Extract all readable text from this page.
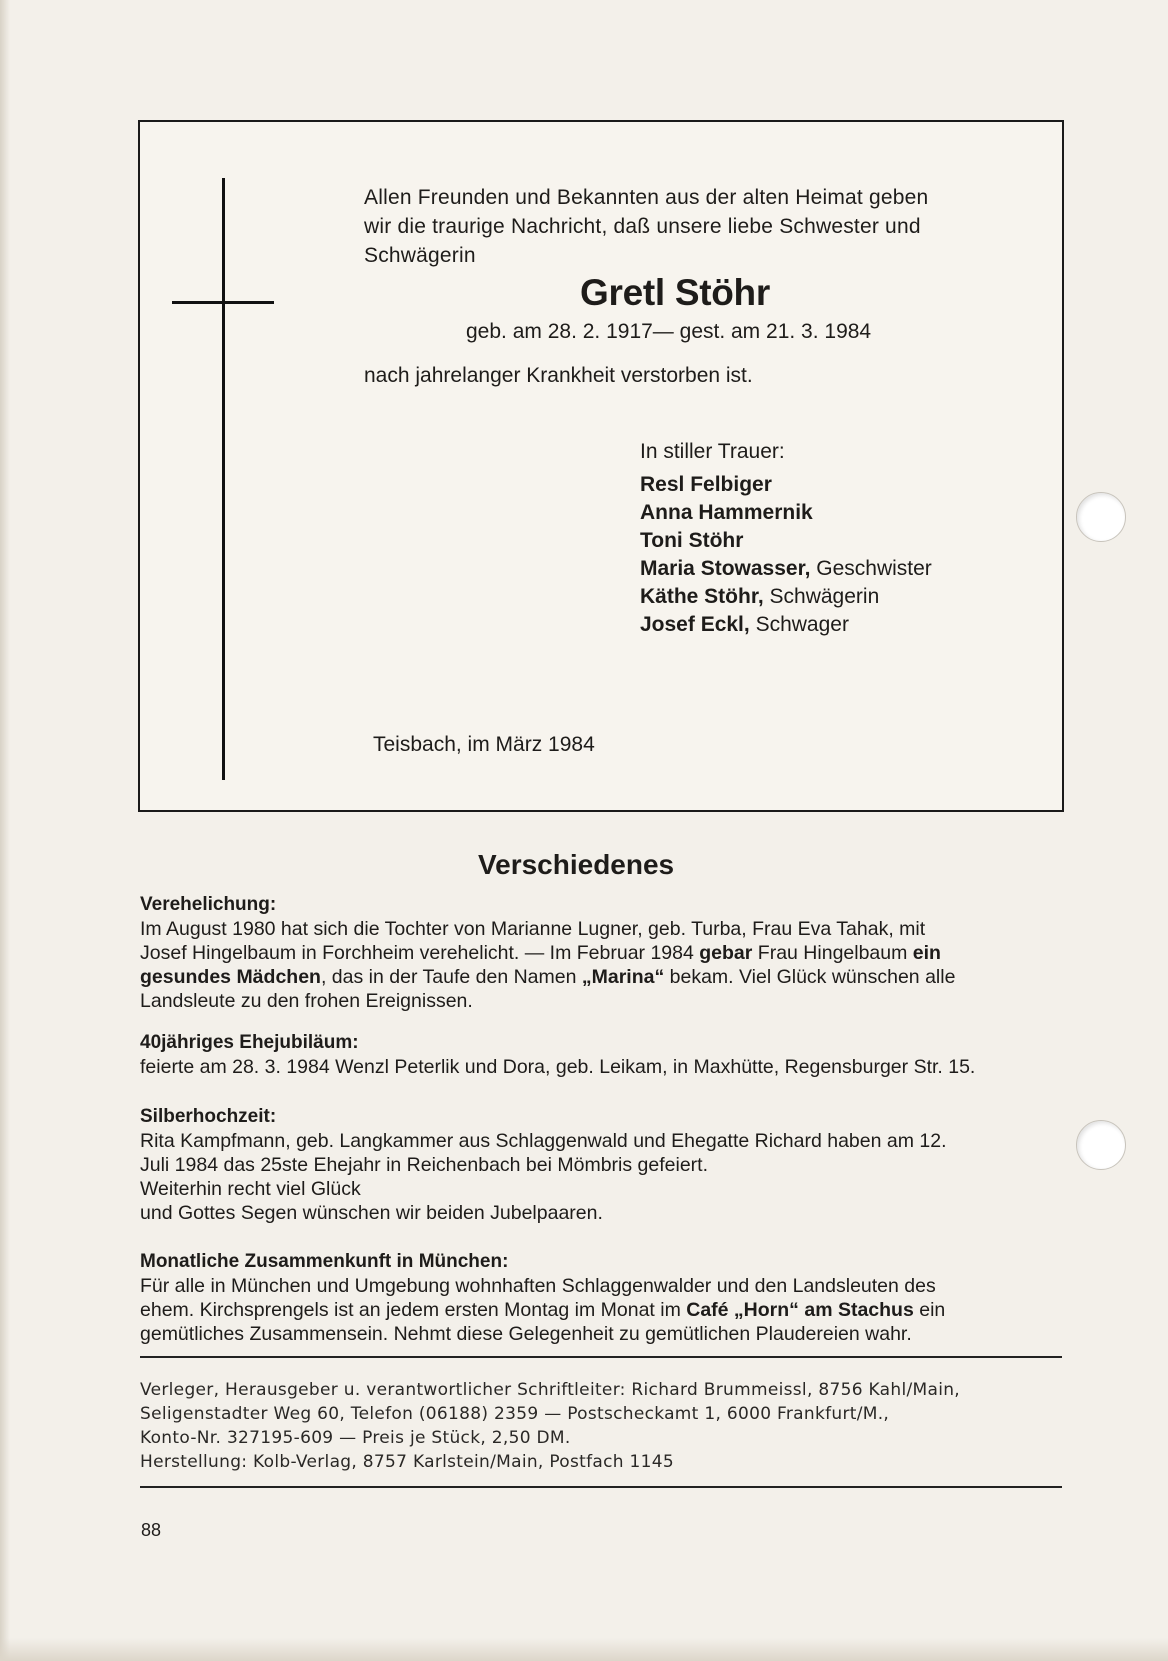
Allen Freunden und Bekannten aus der alten Heimat geben
wir die traurige Nachricht, daß unsere liebe Schwester und
Schwägerin

Gretl Stöhr

geb. am 28. 2. 1917— gest. am 21. 3. 1984

nach jahrelanger Krankheit verstorben ist.

In stiller Trauer:

Resl Felbiger
Anna Hammernik
Toni Stöhr
Maria Stowasser, Geschwister
Käthe Stöhr, Schwägerin
Josef Eckl, Schwager

Teisbach, im März 1984

Verschiedenes

Verehelichung:

Im August 1980 hat sich die Tochter von Marianne Lugner, geb. Turba, Frau Eva Tahak, mit
Josef Hingelbaum in Forchheim verehelicht. — Im Februar 1984 gebar Frau Hingelbaum ein
gesundes Mädchen, das in der Taufe den Namen „Marina“ bekam. Viel Glück wünschen alle
Landsleute zu den frohen Ereignissen.

40jähriges Ehejubiläum:

feierte am 28. 3. 1984 Wenzl Peterlik und Dora, geb. Leikam, in Maxhütte, Regensburger Str. 15.

Silberhochzeit:

Rita Kampfmann, geb. Langkammer aus Schlaggenwald und Ehegatte Richard haben am 12.
Juli 1984 das 25ste Ehejahr in Reichenbach bei Mömbris gefeiert.
Weiterhin recht viel Glück
und Gottes Segen wünschen wir beiden Jubelpaaren.

Monatliche Zusammenkunft in München:

Für alle in München und Umgebung wohnhaften Schlaggenwalder und den Landsleuten des
ehem. Kirchsprengels ist an jedem ersten Montag im Monat im Café „Horn“ am Stachus ein
gemütliches Zusammensein. Nehmt diese Gelegenheit zu gemütlichen Plaudereien wahr.

Verleger, Herausgeber u. verantwortlicher Schriftleiter: Richard Brummeissl, 8756 Kahl/Main,
Seligenstadter Weg 60, Telefon (06188) 2359 — Postscheckamt 1, 6000 Frankfurt/M.,
Konto-Nr. 327195-609 — Preis je Stück, 2,50 DM.
Herstellung: Kolb-Verlag, 8757 Karlstein/Main, Postfach 1145

88
